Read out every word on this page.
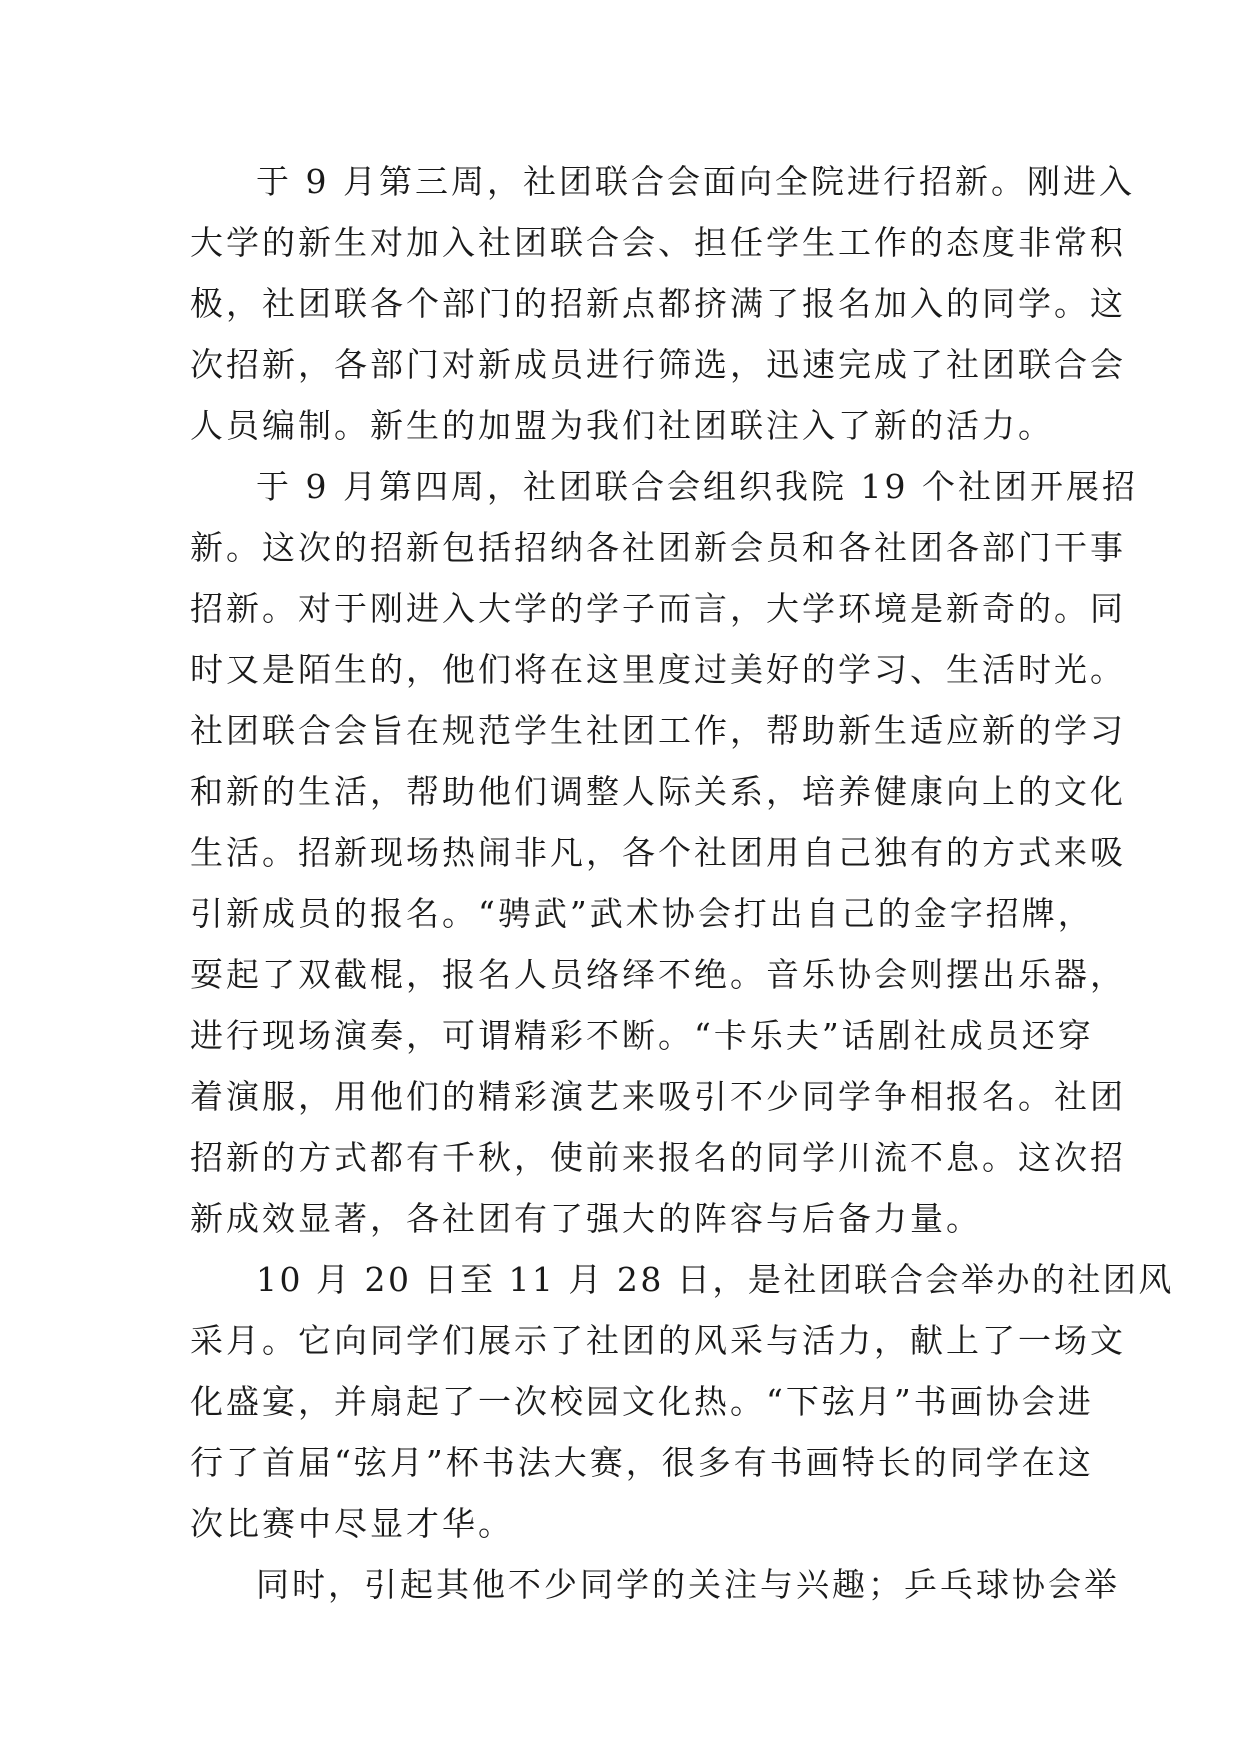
于 9 月第三周，社团联合会面向全院进行招新。刚进入
大学的新生对加入社团联合会、担任学生工作的态度非常积
极，社团联各个部门的招新点都挤满了报名加入的同学。这
次招新，各部门对新成员进行筛选，迅速完成了社团联合会
人员编制。新生的加盟为我们社团联注入了新的活力。
于 9 月第四周，社团联合会组织我院 19 个社团开展招
新。这次的招新包括招纳各社团新会员和各社团各部门干事
招新。对于刚进入大学的学子而言，大学环境是新奇的。同
时又是陌生的，他们将在这里度过美好的学习、生活时光。
社团联合会旨在规范学生社团工作，帮助新生适应新的学习
和新的生活，帮助他们调整人际关系，培养健康向上的文化
生活。招新现场热闹非凡，各个社团用自己独有的方式来吸
引新成员的报名。“骋武”武术协会打出自己的金字招牌，
耍起了双截棍，报名人员络绎不绝。音乐协会则摆出乐器，
进行现场演奏，可谓精彩不断。“卡乐夫”话剧社成员还穿
着演服，用他们的精彩演艺来吸引不少同学争相报名。社团
招新的方式都有千秋，使前来报名的同学川流不息。这次招
新成效显著，各社团有了强大的阵容与后备力量。
10 月 20 日至 11 月 28 日，是社团联合会举办的社团风
采月。它向同学们展示了社团的风采与活力，献上了一场文
化盛宴，并扇起了一次校园文化热。“下弦月”书画协会进
行了首届“弦月”杯书法大赛，很多有书画特长的同学在这
次比赛中尽显才华。
同时，引起其他不少同学的关注与兴趣；乒乓球协会举
